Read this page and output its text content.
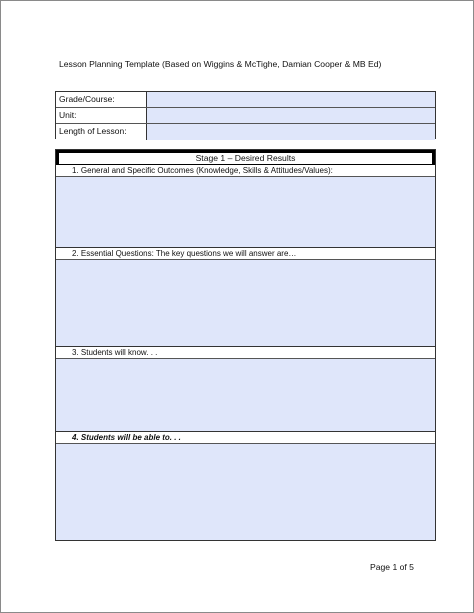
Lesson Planning Template (Based on Wiggins & McTighe, Damian Cooper & MB Ed)
Grade/Course:
Unit:
Length of Lesson:
Stage 1 – Desired Results
1. General and Specific Outcomes (Knowledge, Skills & Attitudes/Values):
2. Essential Questions: The key questions we will answer are…
3. Students will know. . .
4. Students will be able to. . .
Page 1 of 5
